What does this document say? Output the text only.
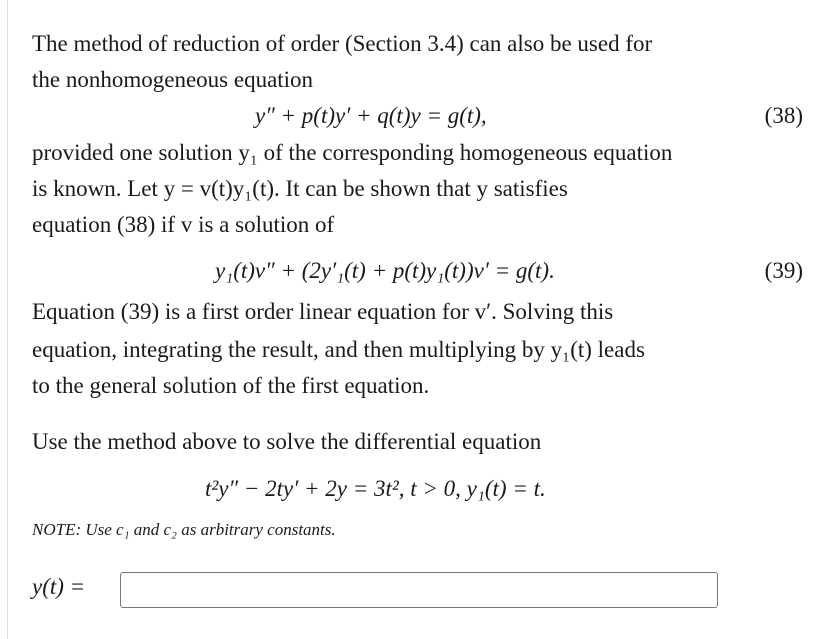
The method of reduction of order (Section 3.4) can also be used for
the nonhomogeneous equation
y″ + p(t)y′ + q(t)y = g(t),	(38)
provided one solution y₁ of the corresponding homogeneous equation
is known. Let y = v(t)y₁(t). It can be shown that y satisfies
equation (38) if v is a solution of
y₁(t)v″ + (2y′₁(t) + p(t)y₁(t))v′ = g(t).	(39)
Equation (39) is a first order linear equation for v′. Solving this
equation, integrating the result, and then multiplying by y₁(t) leads
to the general solution of the first equation.
Use the method above to solve the differential equation
t²y″ − 2ty′ + 2y = 3t², t > 0, y₁(t) = t.
NOTE: Use c₁ and c₂ as arbitrary constants.
y(t) =
